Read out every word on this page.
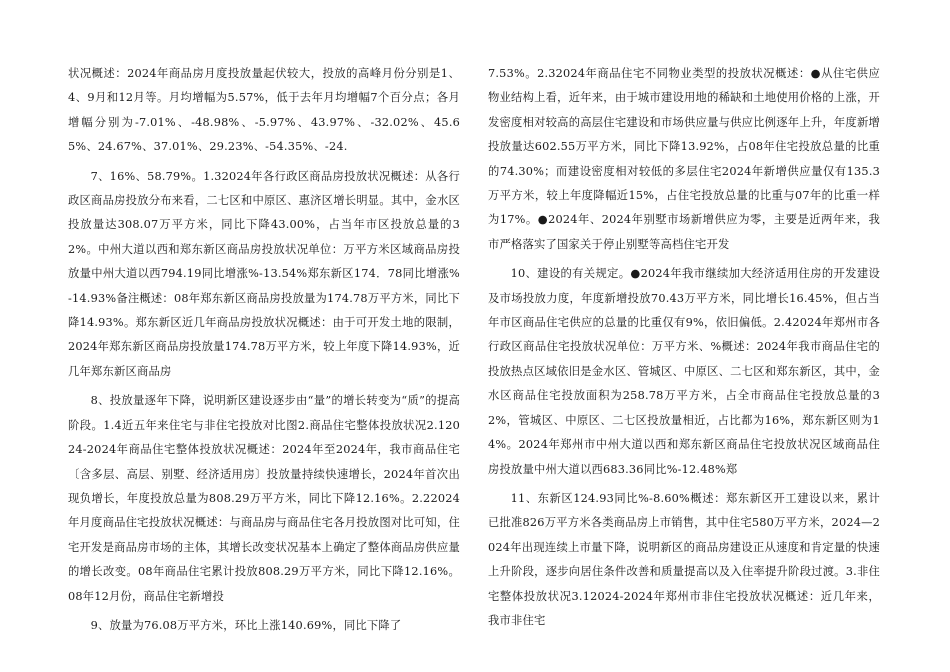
状况概述：2024年商品房月度投放量起伏较大，投放的高峰月份分别是1、4、9月和12月等。月均增幅为5.57%，低于去年月均增幅7个百分点；各月增幅分别为-7.01%、-48.98%、-5.97%、43.97%、-32.02%、45.65%、24.67%、37.01%、29.23%、-54.35%、-24.

7、16%、58.79%。1.32024年各行政区商品房投放状况概述：从各行政区商品房投放分布来看，二七区和中原区、惠济区增长明显。其中，金水区投放量达308.07万平方米，同比下降43.00%，占当年市区投放总量的32%。中州大道以西和郑东新区商品房投放状况单位：万平方米区域商品房投放量中州大道以西794.19同比增涨%-13.54%郑东新区174．78同比增涨%-14.93%备注概述：08年郑东新区商品房投放量为174.78万平方米，同比下降14.93%。郑东新区近几年商品房投放状况概述：由于可开发土地的限制，2024年郑东新区商品房投放量174.78万平方米，较上年度下降14.93%，近几年郑东新区商品房

8、投放量逐年下降，说明新区建设逐步由“量”的增长转变为“质”的提高阶段。1.4近五年来住宅与非住宅投放对比图2.商品住宅整体投放状况2.12024-2024年商品住宅整体投放状况概述：2024年至2024年，我市商品住宅〔含多层、高层、别墅、经济适用房〕投放量持续快速增长，2024年首次出现负增长，年度投放总量为808.29万平方米，同比下降12.16%。2.22024年月度商品住宅投放状况概述：与商品房与商品住宅各月投放图对比可知，住宅开发是商品房市场的主体，其增长改变状况基本上确定了整体商品房供应量的增长改变。08年商品住宅累计投放808.29万平方米，同比下降12.16%。08年12月份，商品住宅新增投

9、放量为76.08万平方米，环比上涨140.69%，同比下降了

7.53%。2.32024年商品住宅不同物业类型的投放状况概述：●从住宅供应物业结构上看，近年来，由于城市建设用地的稀缺和土地使用价格的上涨，开发密度相对较高的高层住宅建设和市场供应量与供应比例逐年上升，年度新增投放量达602.55万平方米，同比下降13.92%，占08年住宅投放总量的比重的74.30%；而建设密度相对较低的多层住宅2024年新增供应量仅有135.3万平方米，较上年度降幅近15%，占住宅投放总量的比重与07年的比重一样为17%。●2024年、2024年别墅市场新增供应为零，主要是近两年来，我市严格落实了国家关于停止别墅等高档住宅开发

10、建设的有关规定。●2024年我市继续加大经济适用住房的开发建设及市场投放力度，年度新增投放70.43万平方米，同比增长16.45%，但占当年市区商品住宅供应的总量的比重仅有9%，依旧偏低。2.42024年郑州市各行政区商品住宅投放状况单位：万平方米、%概述：2024年我市商品住宅的投放热点区域依旧是金水区、管城区、中原区、二七区和郑东新区，其中，金水区商品住宅投放面积为258.78万平方米，占全市商品住宅投放总量的32%，管城区、中原区、二七区投放量相近，占比都为16%，郑东新区则为14%。2024年郑州市中州大道以西和郑东新区商品住宅投放状况区域商品住房投放量中州大道以西683.36同比%-12.48%郑

11、东新区124.93同比%-8.60%概述：郑东新区开工建设以来，累计已批准826万平方米各类商品房上市销售，其中住宅580万平方米，2024—2024年出现连续上市量下降，说明新区的商品房建设正从速度和肯定量的快速上升阶段，逐步向居住条件改善和质量提高以及入住率提升阶段过渡。3.非住宅整体投放状况3.12024-2024年郑州市非住宅投放状况概述：近几年来，我市非住宅
